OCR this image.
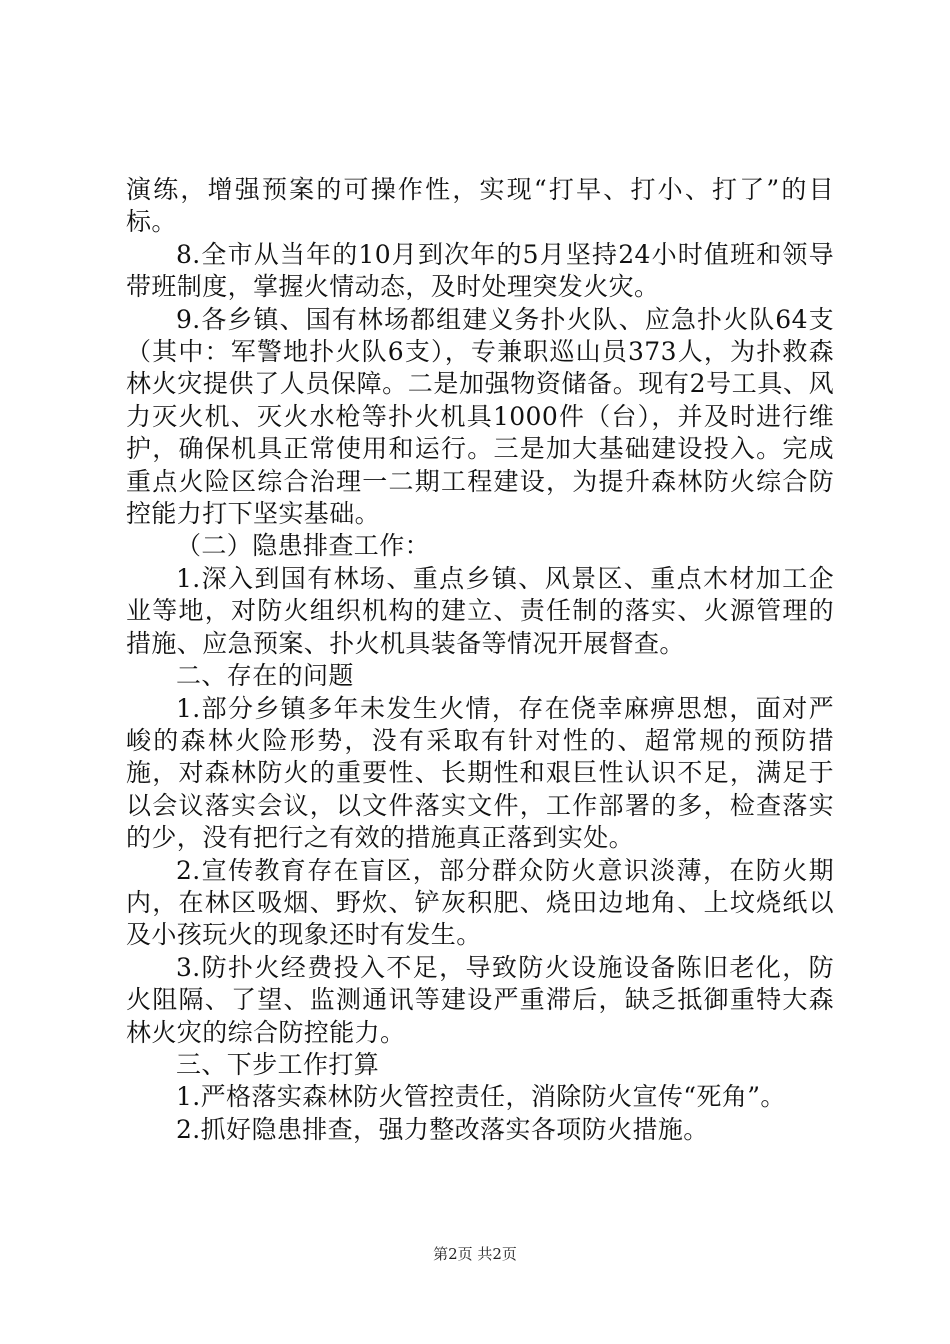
演练，增强预案的可操作性，实现“打早、打小、打了”的目标。

8.全市从当年的10月到次年的5月坚持24小时值班和领导带班制度，掌握火情动态，及时处理突发火灾。

9.各乡镇、国有林场都组建义务扑火队、应急扑火队64支（其中：军警地扑火队6支），专兼职巡山员373人，为扑救森林火灾提供了人员保障。二是加强物资储备。现有2号工具、风力灭火机、灭火水枪等扑火机具1000件（台），并及时进行维护，确保机具正常使用和运行。三是加大基础建设投入。完成重点火险区综合治理一二期工程建设，为提升森林防火综合防控能力打下坚实基础。

（二）隐患排查工作：

1.深入到国有林场、重点乡镇、风景区、重点木材加工企业等地，对防火组织机构的建立、责任制的落实、火源管理的措施、应急预案、扑火机具装备等情况开展督查。

二、存在的问题

1.部分乡镇多年未发生火情，存在侥幸麻痹思想，面对严峻的森林火险形势，没有采取有针对性的、超常规的预防措施，对森林防火的重要性、长期性和艰巨性认识不足，满足于以会议落实会议，以文件落实文件，工作部署的多，检查落实的少，没有把行之有效的措施真正落到实处。

2.宣传教育存在盲区，部分群众防火意识淡薄，在防火期内，在林区吸烟、野炊、铲灰积肥、烧田边地角、上坟烧纸以及小孩玩火的现象还时有发生。

3.防扑火经费投入不足，导致防火设施设备陈旧老化，防火阻隔、了望、监测通讯等建设严重滞后，缺乏抵御重特大森林火灾的综合防控能力。

三、下步工作打算

1.严格落实森林防火管控责任，消除防火宣传“死角”。

2.抓好隐患排查，强力整改落实各项防火措施。

第2页 共2页
